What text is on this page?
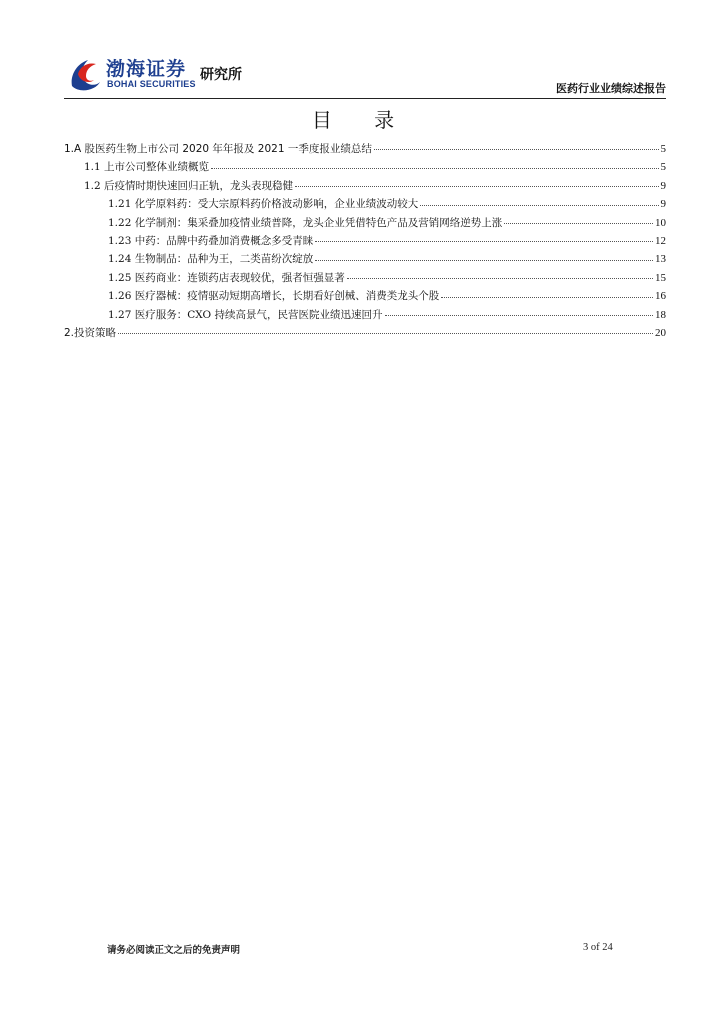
渤海证券
BOHAI SECURITIES
研究所
医药行业业绩综述报告
目 录
1.A 股医药生物上市公司 2020 年年报及 2021 一季度报业绩总结	5
1.1 上市公司整体业绩概览	5
1.2 后疫情时期快速回归正轨，龙头表现稳健	9
1.21 化学原料药：受大宗原料药价格波动影响，企业业绩波动较大	9
1.22 化学制剂：集采叠加疫情业绩普降，龙头企业凭借特色产品及营销网络逆势上涨	10
1.23 中药：品牌中药叠加消费概念多受青睐	12
1.24 生物制品：品种为王，二类苗纷次绽放	13
1.25 医药商业：连锁药店表现较优，强者恒强显著	15
1.26 医疗器械：疫情驱动短期高增长，长期看好创械、消费类龙头个股	16
1.27 医疗服务：CXO 持续高景气，民营医院业绩迅速回升	18
2.投资策略	20
请务必阅读正文之后的免责声明	3 of 24
